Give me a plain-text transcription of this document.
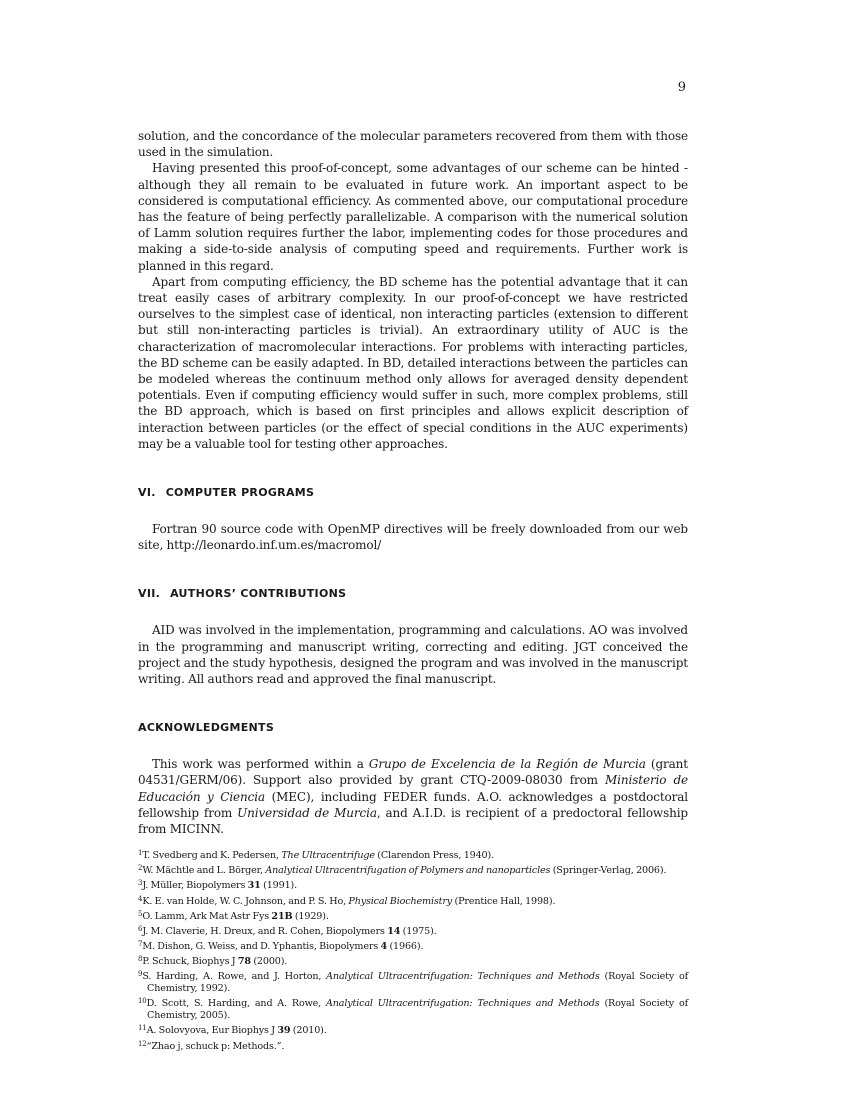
9

solution, and the concordance of the molecular parameters recovered from them with those used in the simulation.

Having presented this proof-of-concept, some advantages of our scheme can be hinted - although they all remain to be evaluated in future work. An important aspect to be considered is computational efficiency. As commented above, our computational procedure has the feature of being perfectly parallelizable. A comparison with the numerical solution of Lamm solution requires further the labor, implementing codes for those procedures and making a side-to-side analysis of computing speed and requirements. Further work is planned in this regard.

Apart from computing efficiency, the BD scheme has the potential advantage that it can treat easily cases of arbitrary complexity. In our proof-of-concept we have restricted ourselves to the simplest case of identical, non interacting particles (extension to different but still non-interacting particles is trivial). An extraordinary utility of AUC is the characterization of macromolecular interactions. For problems with interacting particles, the BD scheme can be easily adapted. In BD, detailed interactions between the particles can be modeled whereas the continuum method only allows for averaged density dependent potentials. Even if computing efficiency would suffer in such, more complex problems, still the BD approach, which is based on first principles and allows explicit description of interaction between particles (or the effect of special conditions in the AUC experiments) may be a valuable tool for testing other approaches.

VI. COMPUTER PROGRAMS

Fortran 90 source code with OpenMP directives will be freely downloaded from our web site, http://leonardo.inf.um.es/macromol/

VII. AUTHORS’ CONTRIBUTIONS

AID was involved in the implementation, programming and calculations. AO was involved in the programming and manuscript writing, correcting and editing. JGT conceived the project and the study hypothesis, designed the program and was involved in the manuscript writing. All authors read and approved the final manuscript.

ACKNOWLEDGMENTS

This work was performed within a Grupo de Excelencia de la Región de Murcia (grant 04531/GERM/06). Support also provided by grant CTQ-2009-08030 from Ministerio de Educación y Ciencia (MEC), including FEDER funds. A.O. acknowledges a postdoctoral fellowship from Universidad de Murcia, and A.I.D. is recipient of a predoctoral fellowship from MICINN.

$^1$T. Svedberg and K. Pedersen, The Ultracentrifuge (Clarendon Press, 1940).
$^2$W. Mächtle and L. Börger, Analytical Ultracentrifugation of Polymers and nanoparticles (Springer-Verlag, 2006).
$^3$J. Müller, Biopolymers 31 (1991).
$^4$K. E. van Holde, W. C. Johnson, and P. S. Ho, Physical Biochemistry (Prentice Hall, 1998).
$^5$O. Lamm, Ark Mat Astr Fys 21B (1929).
$^6$J. M. Claverie, H. Dreux, and R. Cohen, Biopolymers 14 (1975).
$^7$M. Dishon, G. Weiss, and D. Yphantis, Biopolymers 4 (1966).
$^8$P. Schuck, Biophys J 78 (2000).
$^9$S. Harding, A. Rowe, and J. Horton, Analytical Ultracentrifugation: Techniques and Methods (Royal Society of Chemistry, 1992).
$^{10}$D. Scott, S. Harding, and A. Rowe, Analytical Ultracentrifugation: Techniques and Methods (Royal Society of Chemistry, 2005).
$^{11}$A. Solovyova, Eur Biophys J 39 (2010).
$^{12}$“Zhao j, schuck p: Methods.”.
